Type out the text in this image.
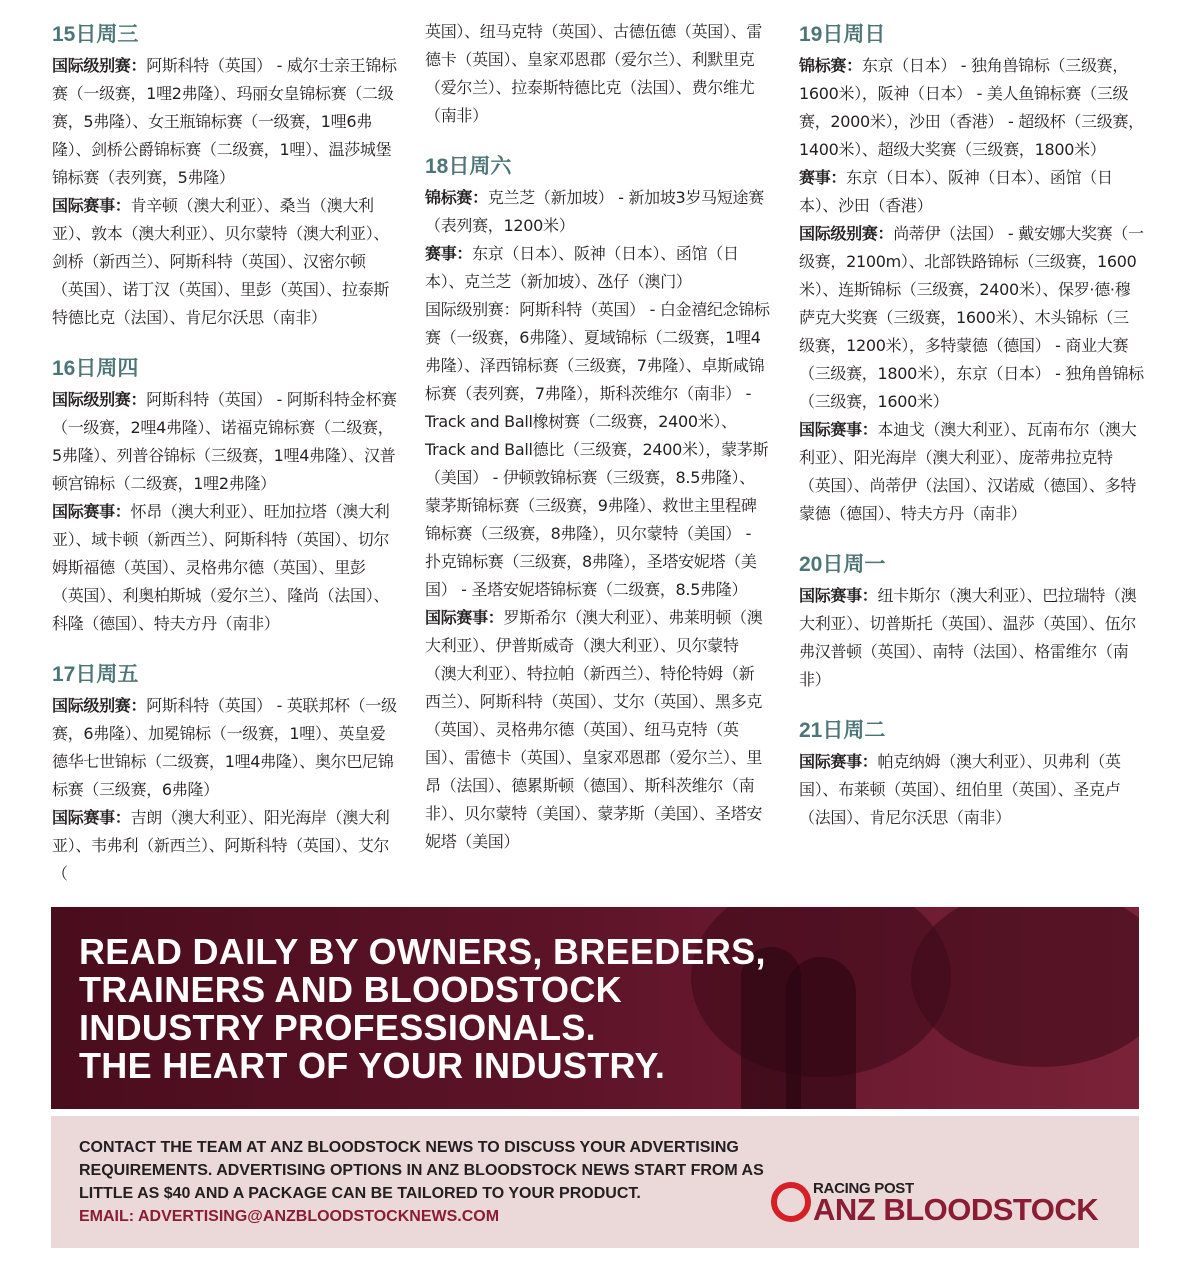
15日周三
国际级别赛：阿斯科特（英国） - 威尔士亲王锦标赛（一级赛，1哩2弗隆）、玛丽女皇锦标赛（二级赛，5弗隆）、女王瓶锦标赛（一级赛，1哩6弗隆）、剑桥公爵锦标赛（二级赛，1哩）、温莎城堡锦标赛（表列赛，5弗隆）
国际赛事：肯辛顿（澳大利亚）、桑当（澳大利亚）、敦本（澳大利亚）、贝尔蒙特（澳大利亚）、剑桥（新西兰）、阿斯科特（英国）、汉密尔顿（英国）、诺丁汉（英国）、里彭（英国）、拉泰斯特德比克（法国）、肯尼尔沃思（南非）
16日周四
国际级别赛：阿斯科特（英国） - 阿斯科特金杯赛（一级赛，2哩4弗隆）、诺福克锦标赛（二级赛，5弗隆）、列普谷锦标（三级赛，1哩4弗隆）、汉普顿宫锦标（二级赛，1哩2弗隆）
国际赛事：怀昂（澳大利亚）、旺加拉塔（澳大利亚）、域卡顿（新西兰）、阿斯科特（英国）、切尔姆斯福德（英国）、灵格弗尔德（英国）、里彭（英国）、利奥柏斯城（爱尔兰）、隆尚（法国）、科隆（德国）、特夫方丹（南非）
17日周五
国际级别赛：阿斯科特（英国） - 英联邦杯（一级赛，6弗隆）、加冕锦标（一级赛，1哩）、英皇爱德华七世锦标（二级赛，1哩4弗隆）、奥尔巴尼锦标赛（三级赛，6弗隆）
国际赛事：吉朗（澳大利亚）、阳光海岸（澳大利亚）、韦弗利（新西兰）、阿斯科特（英国）、艾尔（
英国）、纽马克特（英国）、古德伍德（英国）、雷德卡（英国）、皇家邓恩郡（爱尔兰）、利默里克（爱尔兰）、拉泰斯特德比克（法国）、费尔维尤（南非）
18日周六
锦标赛：克兰芝（新加坡） - 新加坡3岁马短途赛（表列赛，1200米）
赛事：东京（日本）、阪神（日本）、函馆（日本）、克兰芝（新加坡）、氹仔（澳门）
国际级别赛：阿斯科特（英国） - 白金禧纪念锦标赛（一级赛，6弗隆）、夏域锦标（二级赛，1哩4弗隆）、泽西锦标赛（三级赛，7弗隆）、卓斯咸锦标赛（表列赛，7弗隆），斯科茨维尔（南非） - Track and Ball橡树赛（二级赛，2400米）、Track and Ball德比（三级赛，2400米），蒙茅斯（美国） - 伊顿敦锦标赛（三级赛，8.5弗隆）、蒙茅斯锦标赛（三级赛，9弗隆）、救世主里程碑锦标赛（三级赛，8弗隆），贝尔蒙特（美国） - 扑克锦标赛（三级赛，8弗隆），圣塔安妮塔（美国） - 圣塔安妮塔锦标赛（二级赛，8.5弗隆）
国际赛事：罗斯希尔（澳大利亚）、弗莱明顿（澳大利亚）、伊普斯威奇（澳大利亚）、贝尔蒙特（澳大利亚）、特拉帕（新西兰）、特伦特姆（新西兰）、阿斯科特（英国）、艾尔（英国）、黑多克（英国）、灵格弗尔德（英国）、纽马克特（英国）、雷德卡（英国）、皇家邓恩郡（爱尔兰）、里昂（法国）、德累斯顿（德国）、斯科茨维尔（南非）、贝尔蒙特（美国）、蒙茅斯（美国）、圣塔安妮塔（美国）
19日周日
锦标赛：东京（日本） - 独角兽锦标（三级赛，1600米），阪神（日本） - 美人鱼锦标赛（三级赛，2000米），沙田（香港） - 超级杯（三级赛，1400米）、超级大奖赛（三级赛，1800米）
赛事：东京（日本）、阪神（日本）、函馆（日本）、沙田（香港）
国际级别赛：尚蒂伊（法国） - 戴安娜大奖赛（一级赛，2100m）、北部铁路锦标（三级赛，1600米）、连斯锦标（三级赛，2400米）、保罗·德·穆萨克大奖赛（三级赛，1600米）、木头锦标（三级赛，1200米），多特蒙德（德国） - 商业大赛（三级赛，1800米），东京（日本） - 独角兽锦标（三级赛，1600米）
国际赛事：本迪戈（澳大利亚）、瓦南布尔（澳大利亚）、阳光海岸（澳大利亚）、庞蒂弗拉克特（英国）、尚蒂伊（法国）、汉诺威（德国）、多特蒙德（德国）、特夫方丹（南非）
20日周一
国际赛事：纽卡斯尔（澳大利亚）、巴拉瑞特（澳大利亚）、切普斯托（英国）、温莎（英国）、伍尔弗汉普顿（英国）、南特（法国）、格雷维尔（南非）
21日周二
国际赛事：帕克纳姆（澳大利亚）、贝弗利（英国）、布莱顿（英国）、纽伯里（英国）、圣克卢（法国）、肯尼尔沃思（南非）
READ DAILY BY OWNERS, BREEDERS,
TRAINERS AND BLOODSTOCK
INDUSTRY PROFESSIONALS.
THE HEART OF YOUR INDUSTRY.
CONTACT THE TEAM AT ANZ BLOODSTOCK NEWS TO DISCUSS YOUR ADVERTISING REQUIREMENTS. ADVERTISING OPTIONS IN ANZ BLOODSTOCK NEWS START FROM AS LITTLE AS $40 AND A PACKAGE CAN BE TAILORED TO YOUR PRODUCT.
EMAIL: ADVERTISING@ANZBLOODSTOCKNEWS.COM
RACING POST
ANZ BLOODSTOCK
